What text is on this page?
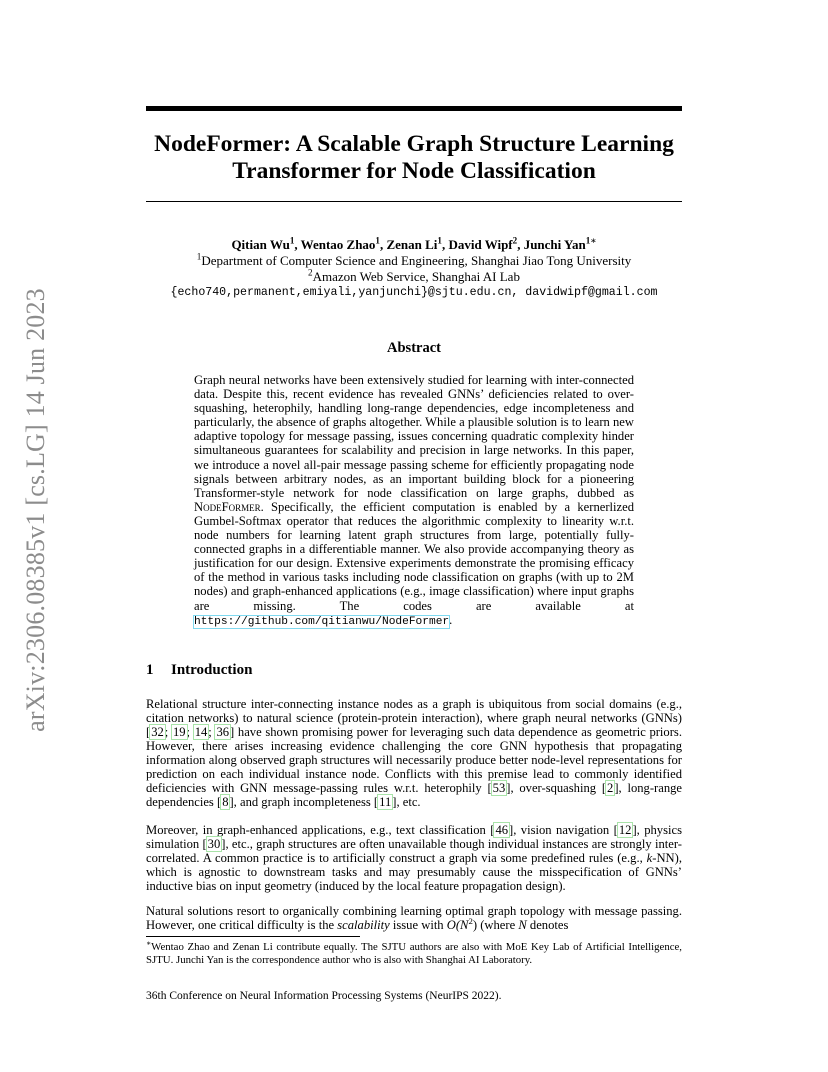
arXiv:2306.08385v1 [cs.LG] 14 Jun 2023
NodeFormer: A Scalable Graph Structure Learning
Transformer for Node Classification
Qitian Wu$^1$, Wentao Zhao$^1$, Zenan Li$^1$, David Wipf$^2$, Junchi Yan$^{1∗}$
$^1$Department of Computer Science and Engineering, Shanghai Jiao Tong University
$^2$Amazon Web Service, Shanghai AI Lab
{echo740,permanent,emiyali,yanjunchi}@sjtu.edu.cn, davidwipf@gmail.com
Abstract
Graph neural networks have been extensively studied for learning with inter-connected data. Despite this, recent evidence has revealed GNNs’ deficiencies related to over-squashing, heterophily, handling long-range dependencies, edge incompleteness and particularly, the absence of graphs altogether. While a plausible solution is to learn new adaptive topology for message passing, issues concerning quadratic complexity hinder simultaneous guarantees for scalability and precision in large networks. In this paper, we introduce a novel all-pair message passing scheme for efficiently propagating node signals between arbitrary nodes, as an important building block for a pioneering Transformer-style network for node classification on large graphs, dubbed as NodeFormer. Specifically, the efficient computation is enabled by a kernerlized Gumbel-Softmax operator that reduces the algorithmic complexity to linearity w.r.t. node numbers for learning latent graph structures from large, potentially fully-connected graphs in a differentiable manner. We also provide accompanying theory as justification for our design. Extensive experiments demonstrate the promising efficacy of the method in various tasks including node classification on graphs (with up to 2M nodes) and graph-enhanced applications (e.g., image classification) where input graphs are missing. The codes are available at https://github.com/qitianwu/NodeFormer.
1 Introduction
Relational structure inter-connecting instance nodes as a graph is ubiquitous from social domains (e.g., citation networks) to natural science (protein-protein interaction), where graph neural networks (GNNs) [32; 19; 14; 36] have shown promising power for leveraging such data dependence as geometric priors. However, there arises increasing evidence challenging the core GNN hypothesis that propagating information along observed graph structures will necessarily produce better node-level representations for prediction on each individual instance node. Conflicts with this premise lead to commonly identified deficiencies with GNN message-passing rules w.r.t. heterophily [53], over-squashing [2], long-range dependencies [8], and graph incompleteness [11], etc.
Moreover, in graph-enhanced applications, e.g., text classification [46], vision navigation [12], physics simulation [30], etc., graph structures are often unavailable though individual instances are strongly inter-correlated. A common practice is to artificially construct a graph via some predefined rules (e.g., k-NN), which is agnostic to downstream tasks and may presumably cause the misspecification of GNNs’ inductive bias on input geometry (induced by the local feature propagation design).
Natural solutions resort to organically combining learning optimal graph topology with message passing. However, one critical difficulty is the scalability issue with $O(N^2)$ (where N denotes
∗Wentao Zhao and Zenan Li contribute equally. The SJTU authors are also with MoE Key Lab of Artificial Intelligence, SJTU. Junchi Yan is the correspondence author who is also with Shanghai AI Laboratory.
36th Conference on Neural Information Processing Systems (NeurIPS 2022).
